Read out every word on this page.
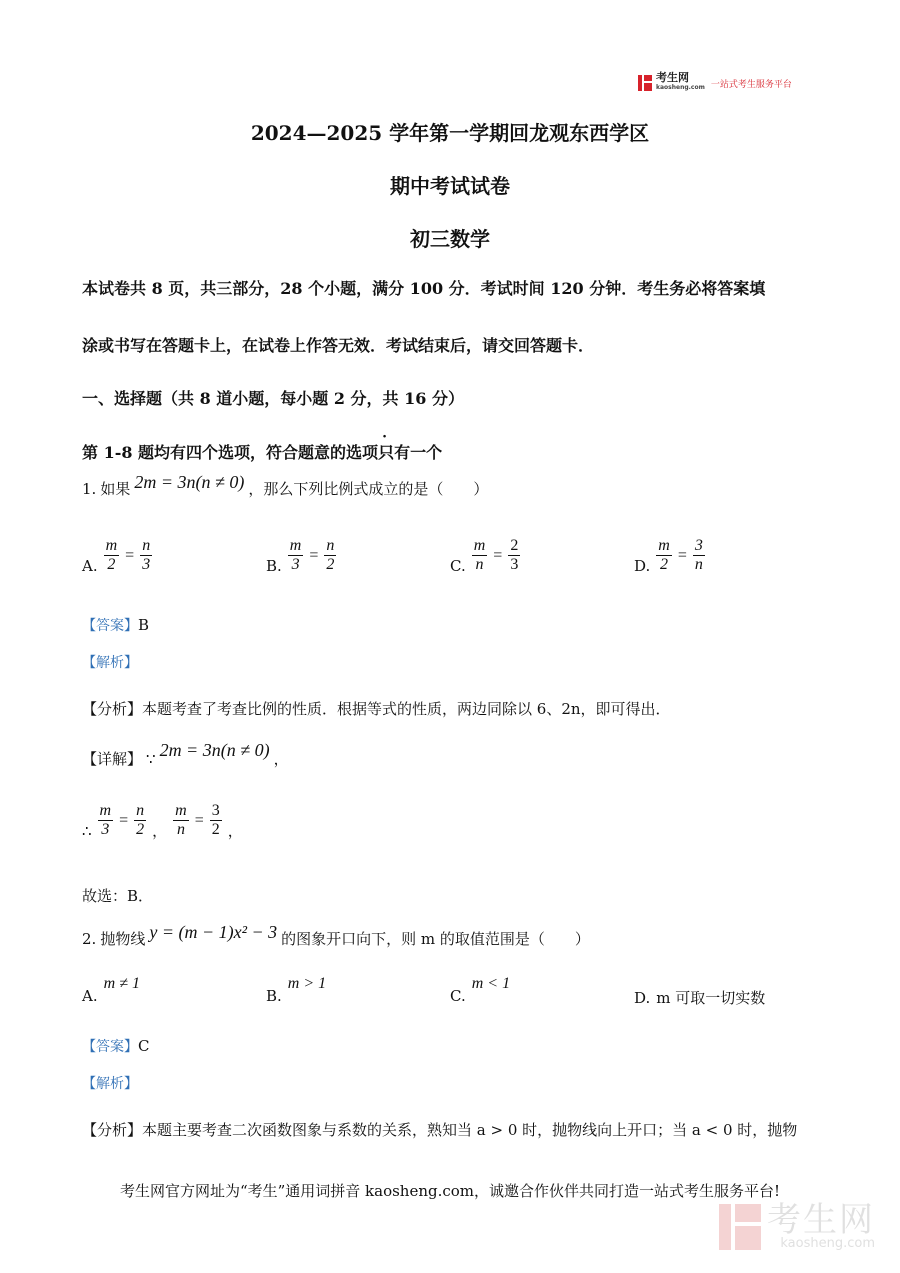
考生网
kaosheng.com 一站式考生服务平台
2024—2025 学年第一学期回龙观东西学区
期中考试试卷
初三数学
本试卷共 8 页，共三部分，28 个小题，满分 100 分．考试时间 120 分钟．考生务必将答案填
涂或书写在答题卡上，在试卷上作答无效．考试结束后，请交回答题卡．
一、选择题（共 8 道小题，每小题 2 分，共 16 分）
第 1-8 题均有四个选项，符合题意的选项只有一个
1. 如果 2m = 3n(n ≠ 0) ，那么下列比例式成立的是（　　）
A. $\frac{m}{2} = \frac{n}{3}$	B. $\frac{m}{3} = \frac{n}{2}$	C. $\frac{m}{n} = \frac{2}{3}$	D. $\frac{m}{2} = \frac{3}{n}$
【答案】B
【解析】
【分析】本题考查了考查比例的性质．根据等式的性质，两边同除以 6、2n，即可得出．
【详解】 ∵ 2m = 3n(n ≠ 0) ，
∴ $\frac{m}{3} = \frac{n}{2}$ ， $\frac{m}{n} = \frac{3}{2}$ ，
故选：B．
2. 抛物线 y = (m − 1)x² − 3 的图象开口向下，则 m 的取值范围是（　　）
A.
m ≠ 1
B.
m > 1
C.
m < 1
D. m 可取一切实数
【答案】C
【解析】
【分析】本题主要考查二次函数图象与系数的关系，熟知当 a > 0 时，抛物线向上开口；当 a < 0 时，抛物
考生网官方网址为“考生”通用词拼音 kaosheng.com，诚邀合作伙伴共同打造一站式考生服务平台!
考生网
kaosheng.com
